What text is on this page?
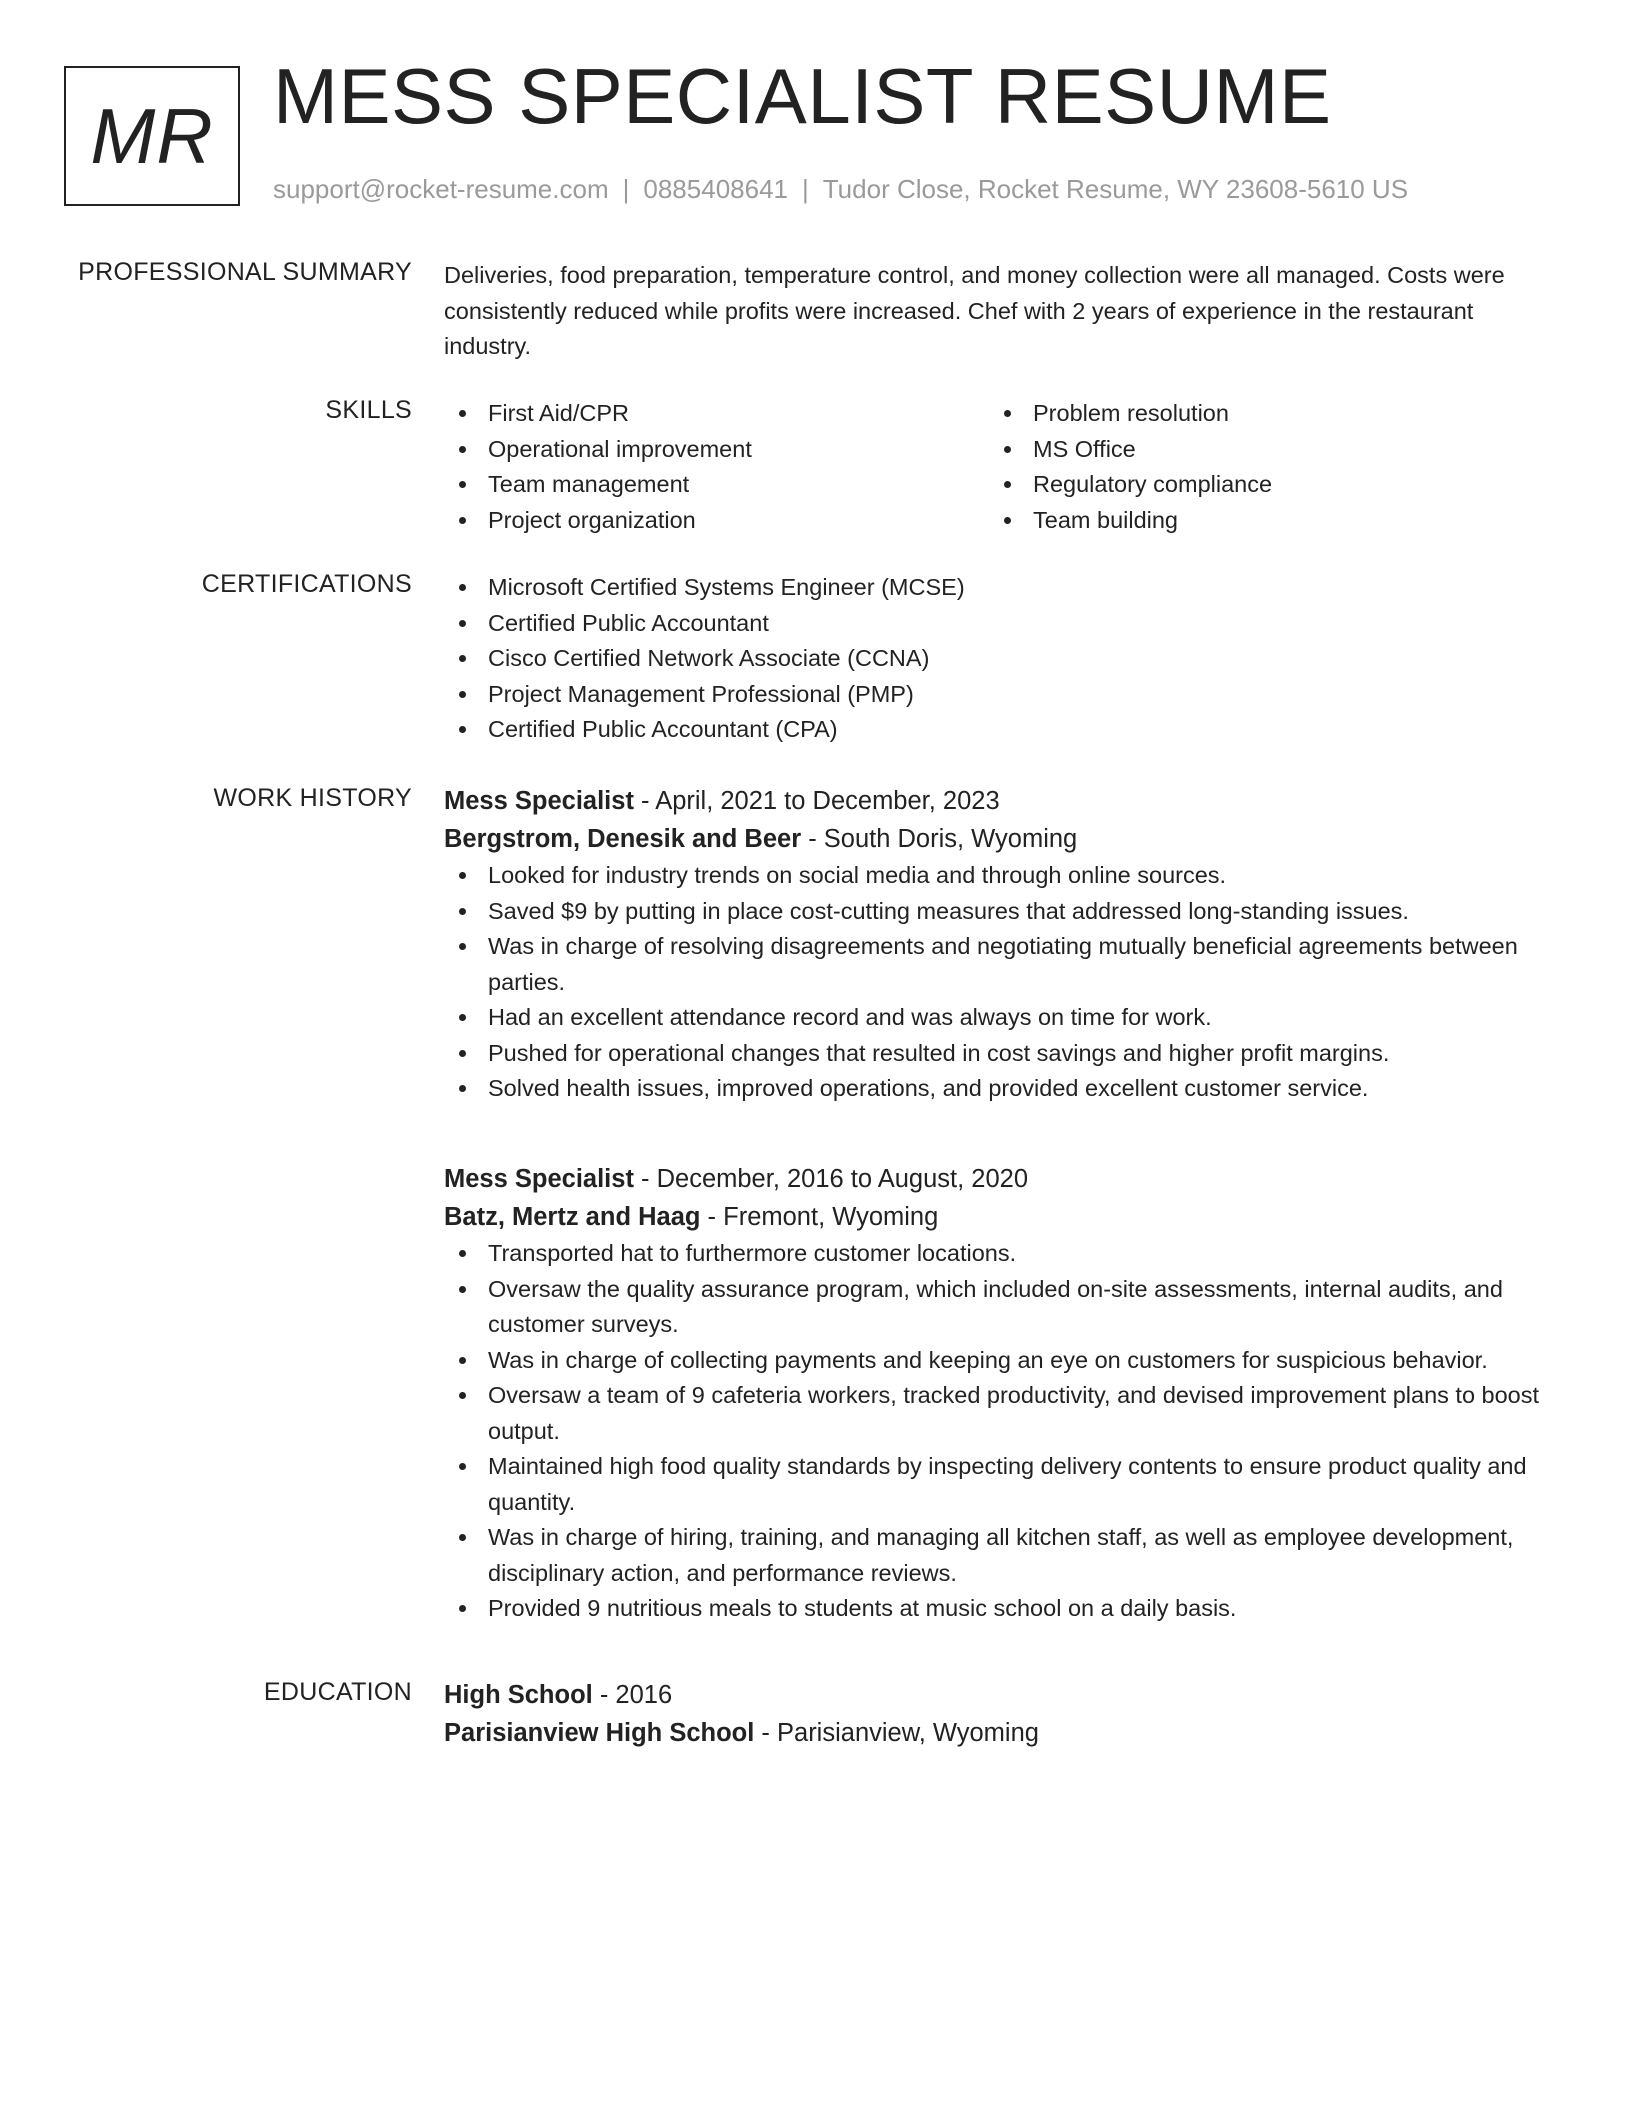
MR MESS SPECIALIST RESUME
support@rocket-resume.com | 0885408641 | Tudor Close, Rocket Resume, WY 23608-5610 US
PROFESSIONAL SUMMARY Deliveries, food preparation, temperature control, and money collection were all managed. Costs were consistently reduced while profits were increased. Chef with 2 years of experience in the restaurant industry.

SKILLS	First Aid/CPR
Operational improvement
Team management
Project organization
Problem resolution
MS Office
Regulatory compliance
Team building
CERTIFICATIONS	Microsoft Certified Systems Engineer (MCSE)
Certified Public Accountant
Cisco Certified Network Associate (CCNA)
Project Management Professional (PMP)
Certified Public Accountant (CPA)
WORK HISTORY Mess Specialist - April, 2021 to December, 2023
Bergstrom, Denesik and Beer - South Doris, Wyoming
Looked for industry trends on social media and through online sources.
Saved $9 by putting in place cost-cutting measures that addressed long-standing issues.
Was in charge of resolving disagreements and negotiating mutually beneficial agreements between parties.
Had an excellent attendance record and was always on time for work.
Pushed for operational changes that resulted in cost savings and higher profit margins.
Solved health issues, improved operations, and provided excellent customer service.
Mess Specialist - December, 2016 to August, 2020
Batz, Mertz and Haag - Fremont, Wyoming
Transported hat to furthermore customer locations.
Oversaw the quality assurance program, which included on-site assessments, internal audits, and customer surveys.
Was in charge of collecting payments and keeping an eye on customers for suspicious behavior.
Oversaw a team of 9 cafeteria workers, tracked productivity, and devised improvement plans to boost output.
Maintained high food quality standards by inspecting delivery contents to ensure product quality and quantity.
Was in charge of hiring, training, and managing all kitchen staff, as well as employee development, disciplinary action, and performance reviews.
Provided 9 nutritious meals to students at music school on a daily basis.
EDUCATION High School - 2016
Parisianview High School - Parisianview, Wyoming
